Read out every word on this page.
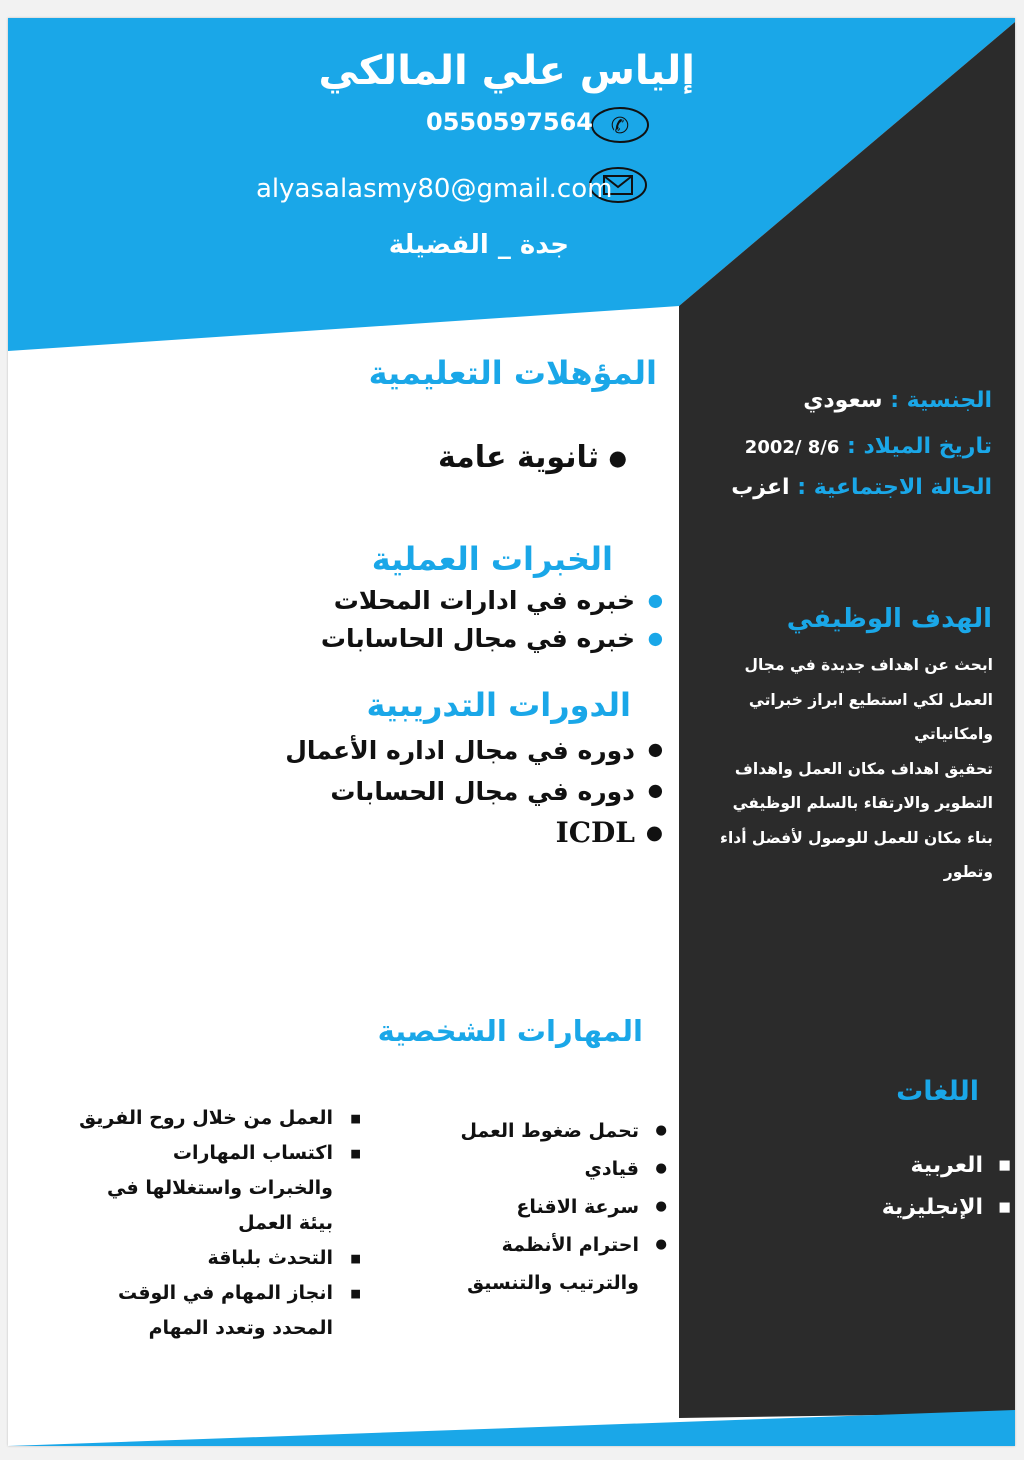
إلياس علي المالكي
✆
0550597564
alyasalasmy80@gmail.com
جدة _ الفضيلة
المؤهلات التعليمية
● ثانوية عامة
الخبرات العملية
● خبره في ادارات المحلات
● خبره في مجال الحاسابات
الدورات التدريبية
● دوره في مجال اداره الأعمال
● دوره في مجال الحسابات
● ICDL
المهارات الشخصية
● تحمل ضغوط العمل
● قيادي
● سرعة الاقناع
● احترام الأنظمة والترتيب والتنسيق
■ العمل من خلال روح الفريق
■ اكتساب المهارات والخبرات واستغلالها في بيئة العمل
■ التحدث بلباقة
■ انجاز المهام في الوقت المحدد وتعدد المهام
الجنسية : سعودي
تاريخ الميلاد : 8/6 /2002
الحالة الاجتماعية : اعزب
الهدف الوظيفي
ابحث عن اهداف جديدة في مجال
العمل لكي استطيع ابراز خبراتي
وامكانياتي
تحقيق اهداف مكان العمل واهداف
التطوير والارتقاء بالسلم الوظيفي
بناء مكان للعمل للوصول لأفضل أداء
وتطور
اللغات
■ العربية
■ الإنجليزية
